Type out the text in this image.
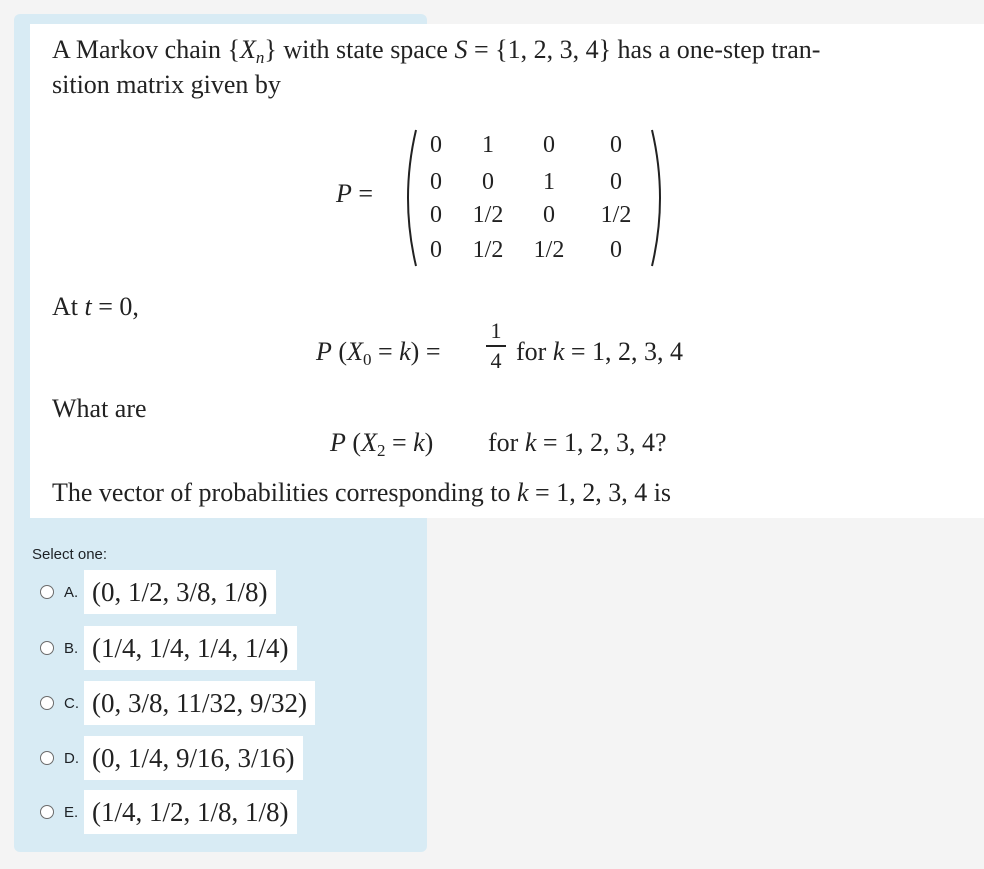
A Markov chain {Xn} with state space S = {1, 2, 3, 4} has a one-step tran-
sition matrix given by
P =
0	1	0	0
0	0	1	0
0	1/2	0	1/2
0	1/2	1/2	0
At t = 0,
P $(X_0 = k)$ =
1
4 for k = 1, 2, 3, 4
What are
P $(X_2 = k)$ for k = 1, 2, 3, 4?
The vector of probabilities corresponding to k = 1, 2, 3, 4 is
Select one:
A. (0, 1/2, 3/8, 1/8)
B. (1/4, 1/4, 1/4, 1/4)
C. (0, 3/8, 11/32, 9/32)
D. (0, 1/4, 9/16, 3/16)
E. (1/4, 1/2, 1/8, 1/8)
